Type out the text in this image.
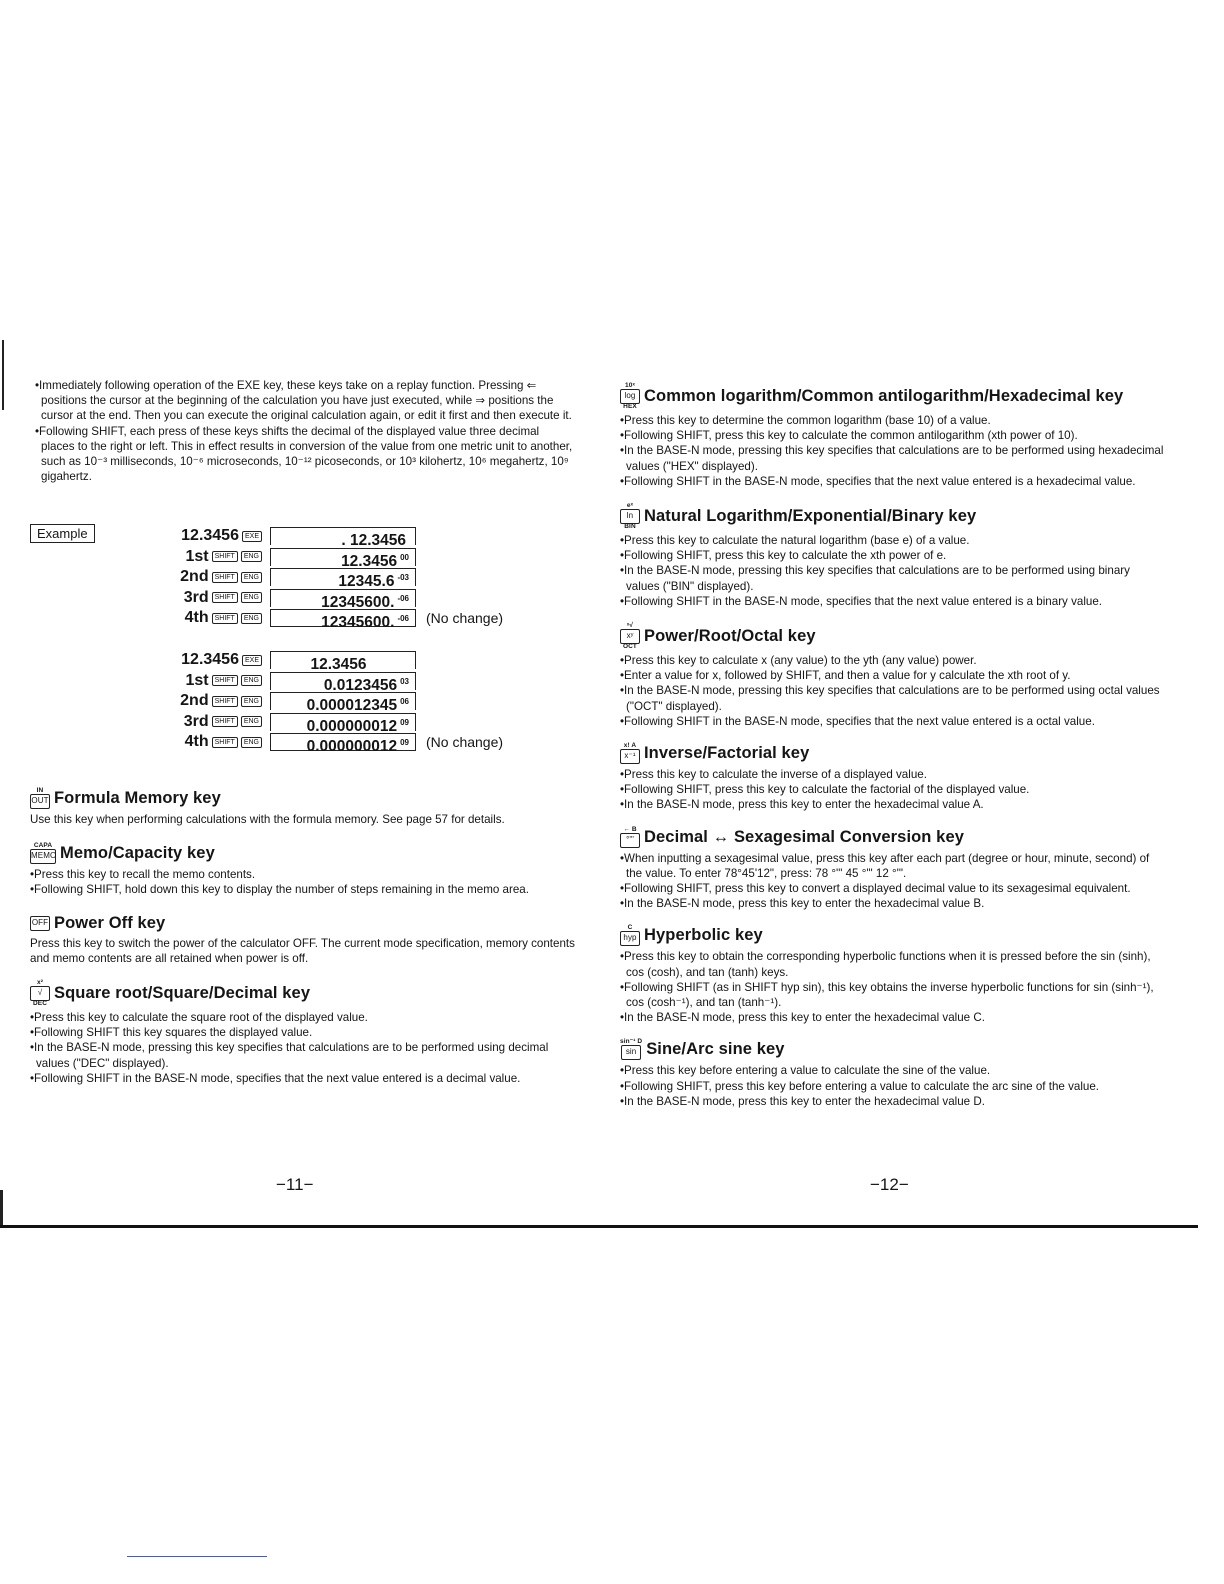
•Immediately following operation of the EXE key, these keys take on a replay function. Pressing ⇐ positions the cursor at the beginning of the calculation you have just executed, while ⇒ positions the cursor at the end. Then you can execute the original calculation again, or edit it first and then execute it.

•Following SHIFT, each press of these keys shifts the decimal of the displayed value three decimal places to the right or left. This in effect results in conversion of the value from one metric unit to another, such as 10⁻³ milliseconds, 10⁻⁶ microseconds, 10⁻¹² picoseconds, or 10³ kilohertz, 10⁶ megahertz, 10⁹ gigahertz.

Example	12.3456 EXE	. 12.3456
1st SHIFT	ENG	12.3456 $^{00}$
2nd SHIFT	ENG	12345.6 $^{-03}$
3rd SHIFT	ENG	12345600. $^{-06}$
4th SHIFT	ENG	12345600. $^{-06}$	(No change)
12.3456 EXE	12.3456
1st SHIFT	ENG	0.0123456 $^{03}$
2nd SHIFT	ENG	0.000012345 $^{06}$
3rd SHIFT	ENG	0.000000012 $^{09}$
4th SHIFT	ENG	0.000000012 $^{09}$	(No change)
IN
OUT Formula Memory key

Use this key when performing calculations with the formula memory. See page 57 for details.

CAPA
MEMO Memo/Capacity key

•Press this key to recall the memo contents.

•Following SHIFT, hold down this key to display the number of steps remaining in the memo area.

OFF Power Off key

Press this key to switch the power of the calculator OFF. The current mode specification, memory contents and memo contents are all retained when power is off.

x²
√
DEC
Square root/Square/Decimal key

•Press this key to calculate the square root of the displayed value.

•Following SHIFT this key squares the displayed value.

•In the BASE-N mode, pressing this key specifies that calculations are to be performed using decimal values ("DEC" displayed).

•Following SHIFT in the BASE-N mode, specifies that the next value entered is a decimal value.

−11−
10ˣ
log
HEX
Common logarithm/Common antilogarithm/Hexadecimal key

•Press this key to determine the common logarithm (base 10) of a value.

•Following SHIFT, press this key to calculate the common antilogarithm (xth power of 10).

•In the BASE-N mode, pressing this key specifies that calculations are to be performed using hexadecimal values ("HEX" displayed).

•Following SHIFT in the BASE-N mode, specifies that the next value entered is a hexadecimal value.

eˣ
ln
BIN
Natural Logarithm/Exponential/Binary key

•Press this key to calculate the natural logarithm (base e) of a value.

•Following SHIFT, press this key to calculate the xth power of e.

•In the BASE-N mode, pressing this key specifies that calculations are to be performed using binary values ("BIN" displayed).

•Following SHIFT in the BASE-N mode, specifies that the next value entered is a binary value.

ˣ√
xʸ
OCT
Power/Root/Octal key

•Press this key to calculate x (any value) to the yth (any value) power.

•Enter a value for x, followed by SHIFT, and then a value for y calculate the xth root of y.

•In the BASE-N mode, pressing this key specifies that calculations are to be performed using octal values ("OCT" displayed).

•Following SHIFT in the BASE-N mode, specifies that the next value entered is a octal value.

x! A
x⁻¹ Inverse/Factorial key

•Press this key to calculate the inverse of a displayed value.

•Following SHIFT, press this key to calculate the factorial of the displayed value.

•In the BASE-N mode, press this key to enter the hexadecimal value A.

← B
°'" Decimal ↔ Sexagesimal Conversion key

•When inputting a sexagesimal value, press this key after each part (degree or hour, minute, second) of the value. To enter 78°45'12", press: 78 °'" 45 °'" 12 °'".

•Following SHIFT, press this key to convert a displayed decimal value to its sexagesimal equivalent.

•In the BASE-N mode, press this key to enter the hexadecimal value B.

C
hyp Hyperbolic key

•Press this key to obtain the corresponding hyperbolic functions when it is pressed before the sin (sinh), cos (cosh), and tan (tanh) keys.

•Following SHIFT (as in SHIFT hyp sin), this key obtains the inverse hyperbolic functions for sin (sinh⁻¹), cos (cosh⁻¹), and tan (tanh⁻¹).

•In the BASE-N mode, press this key to enter the hexadecimal value C.

sin⁻¹ D
sin Sine/Arc sine key

•Press this key before entering a value to calculate the sine of the value.

•Following SHIFT, press this key before entering a value to calculate the arc sine of the value.

•In the BASE-N mode, press this key to enter the hexadecimal value D.

−12−
